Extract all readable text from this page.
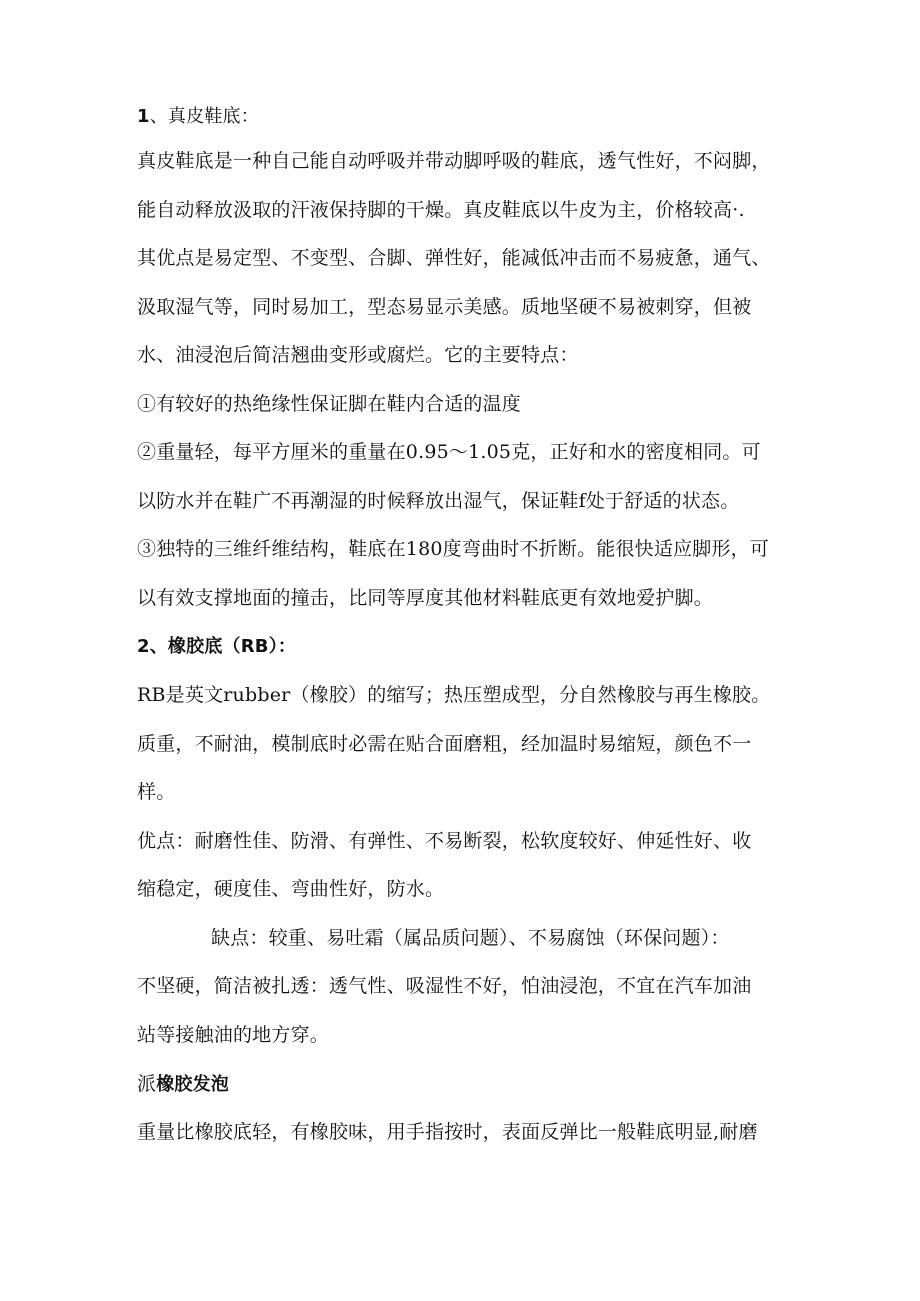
1、真皮鞋底：
真皮鞋底是一种自己能自动呼吸并带动脚呼吸的鞋底，透气性好，不闷脚，
能自动释放汲取的汗液保持脚的干燥。真皮鞋底以牛皮为主，价格较高·.
其优点是易定型、不变型、合脚、弹性好，能减低冲击而不易疲惫，通气、
汲取湿气等，同时易加工，型态易显示美感。质地坚硬不易被刺穿，但被
水、油浸泡后简洁翘曲变形或腐烂。它的主要特点：
①有较好的热绝缘性保证脚在鞋内合适的温度
②重量轻，每平方厘米的重量在0.95～1.05克，正好和水的密度相同。可
以防水并在鞋广不再潮湿的时候释放出湿气，保证鞋f处于舒适的状态。
③独特的三维纤维结构，鞋底在180度弯曲时不折断。能很快适应脚形，可
以有效支撑地面的撞击，比同等厚度其他材料鞋底更有效地爱护脚。
2、橡胶底（RB）：
RB是英文rubber（橡胶）的缩写；热压塑成型，分自然橡胶与再生橡胶。
质重，不耐油，模制底时必需在贴合面磨粗，经加温时易缩短，颜色不一
样。
优点：耐磨性佳、防滑、有弹性、不易断裂，松软度较好、伸延性好、收
缩稳定，硬度佳、弯曲性好，防水。
缺点：较重、易吐霜（属品质问题）、不易腐蚀（环保问题）：
不坚硬，简洁被扎透：透气性、吸湿性不好，怕油浸泡，不宜在汽车加油
站等接触油的地方穿。
派橡胶发泡
重量比橡胶底轻，有橡胶味，用手指按时，表面反弹比一般鞋底明显,耐磨
